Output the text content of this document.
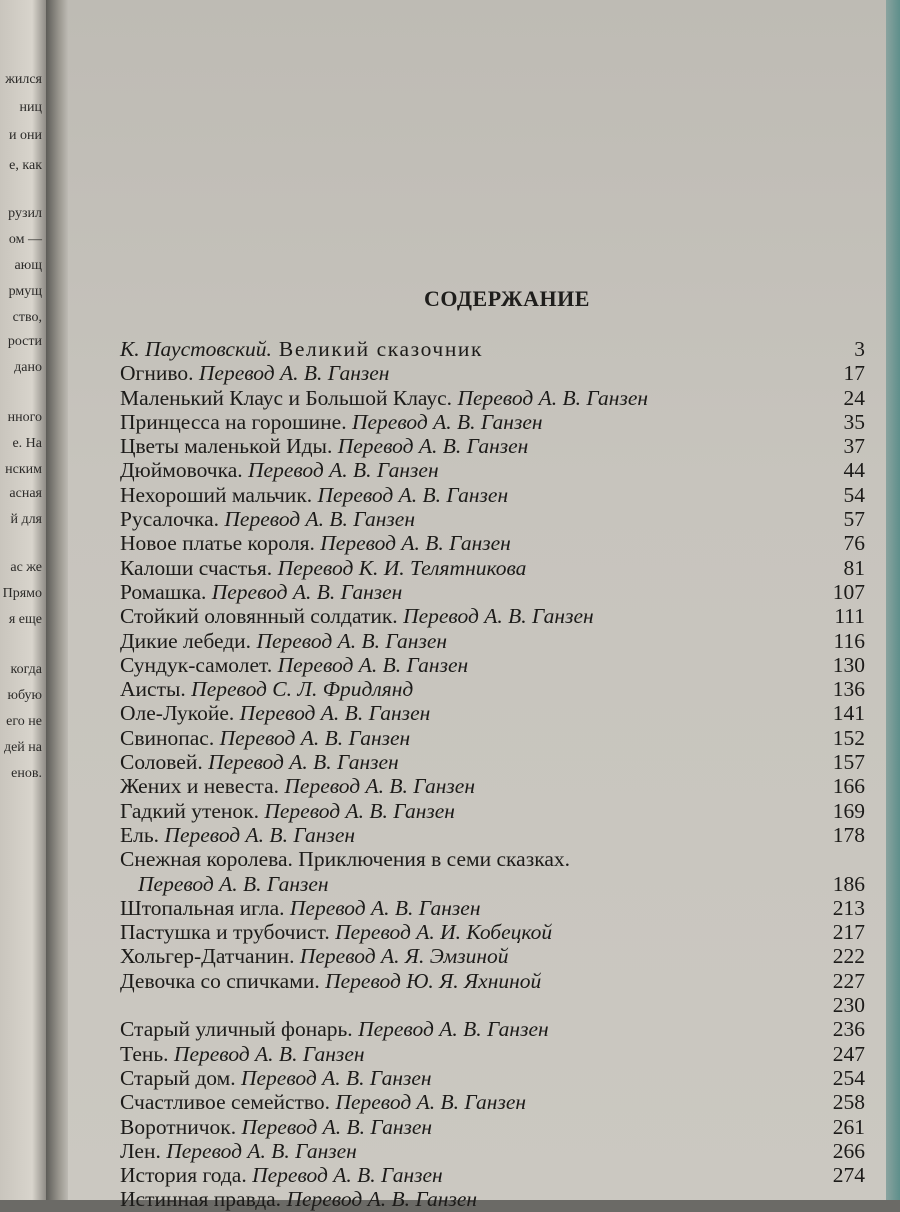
жился
ниц
и они
е, как
рузил
ом —
ающ
рмущ
ство,
рости
дано
нного
е. На
нским
асная
й для
ас же
Прямо
я еще
когда
юбую
его не
дей на
енов.
СОДЕРЖАНИЕ
К. Паустовский. Великий сказочник	3
Огниво. Перевод А. В. Ганзен	17
Маленький Клаус и Большой Клаус. Перевод А. В. Ганзен	24
Принцесса на горошине. Перевод А. В. Ганзен	35
Цветы маленькой Иды. Перевод А. В. Ганзен	37
Дюймовочка. Перевод А. В. Ганзен	44
Нехороший мальчик. Перевод А. В. Ганзен	54
Русалочка. Перевод А. В. Ганзен	57
Новое платье короля. Перевод А. В. Ганзен	76
Калоши счастья. Перевод К. И. Телятникова	81
Ромашка. Перевод А. В. Ганзен	107
Стойкий оловянный солдатик. Перевод А. В. Ганзен	111
Дикие лебеди. Перевод А. В. Ганзен	116
Сундук-самолет. Перевод А. В. Ганзен	130
Аисты. Перевод С. Л. Фридлянд	136
Оле-Лукойе. Перевод А. В. Ганзен	141
Свинопас. Перевод А. В. Ганзен	152
Соловей. Перевод А. В. Ганзен	157
Жених и невеста. Перевод А. В. Ганзен	166
Гадкий утенок. Перевод А. В. Ганзен	169
Ель. Перевод А. В. Ганзен	178
Снежная королева. Приключения в семи сказках.
Перевод А. В. Ганзен	186
Штопальная игла. Перевод А. В. Ганзен	213
Пастушка и трубочист. Перевод А. И. Кобецкой	217
Хольгер-Датчанин. Перевод А. Я. Эмзиной	222
Девочка со спичками. Перевод Ю. Я. Яхниной	227
230
Старый уличный фонарь. Перевод А. В. Ганзен	236
Тень. Перевод А. В. Ганзен	247
Старый дом. Перевод А. В. Ганзен	254
Счастливое семейство. Перевод А. В. Ганзен	258
Воротничок. Перевод А. В. Ганзен	261
Лен. Перевод А. В. Ганзен	266
История года. Перевод А. В. Ганзен	274
Истинная правда. Перевод А. В. Ганзен
